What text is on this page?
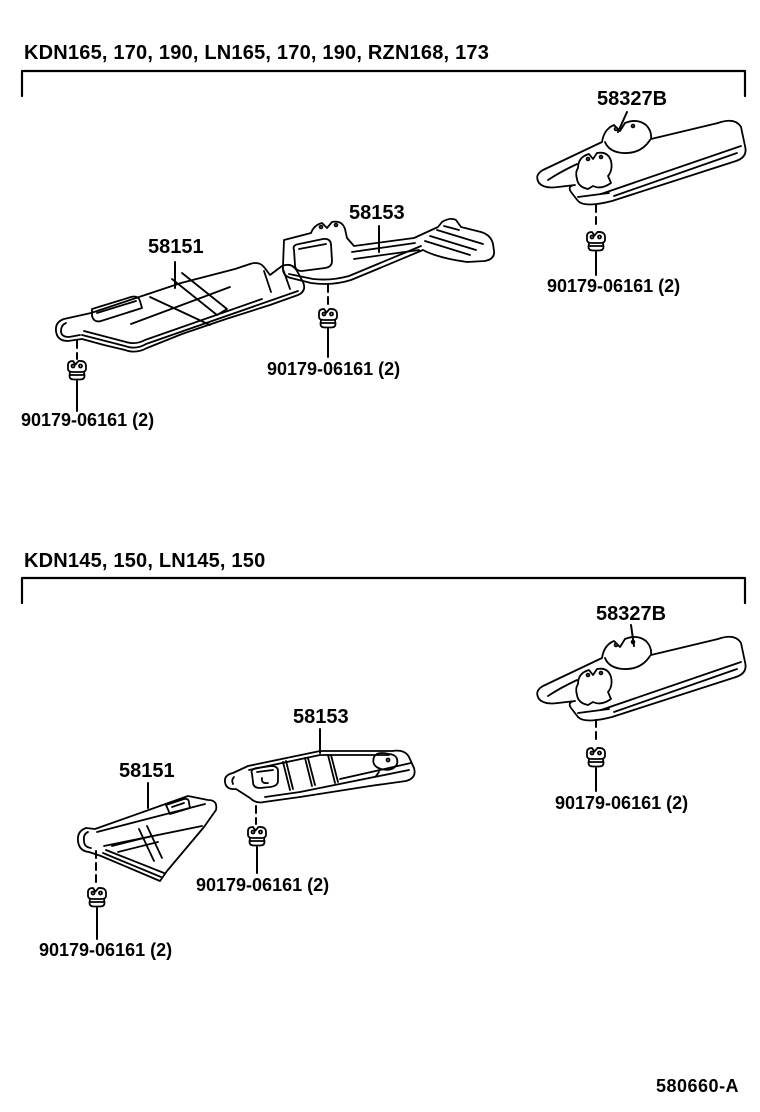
KDN165, 170, 190, LN165, 170, 190, RZN168, 173
58151
58153
58327B
90179-06161 (2)
90179-06161 (2)
90179-06161 (2)
KDN145, 150, LN145, 150
58151
58153
58327B
90179-06161 (2)
90179-06161 (2)
90179-06161 (2)
580660-A
